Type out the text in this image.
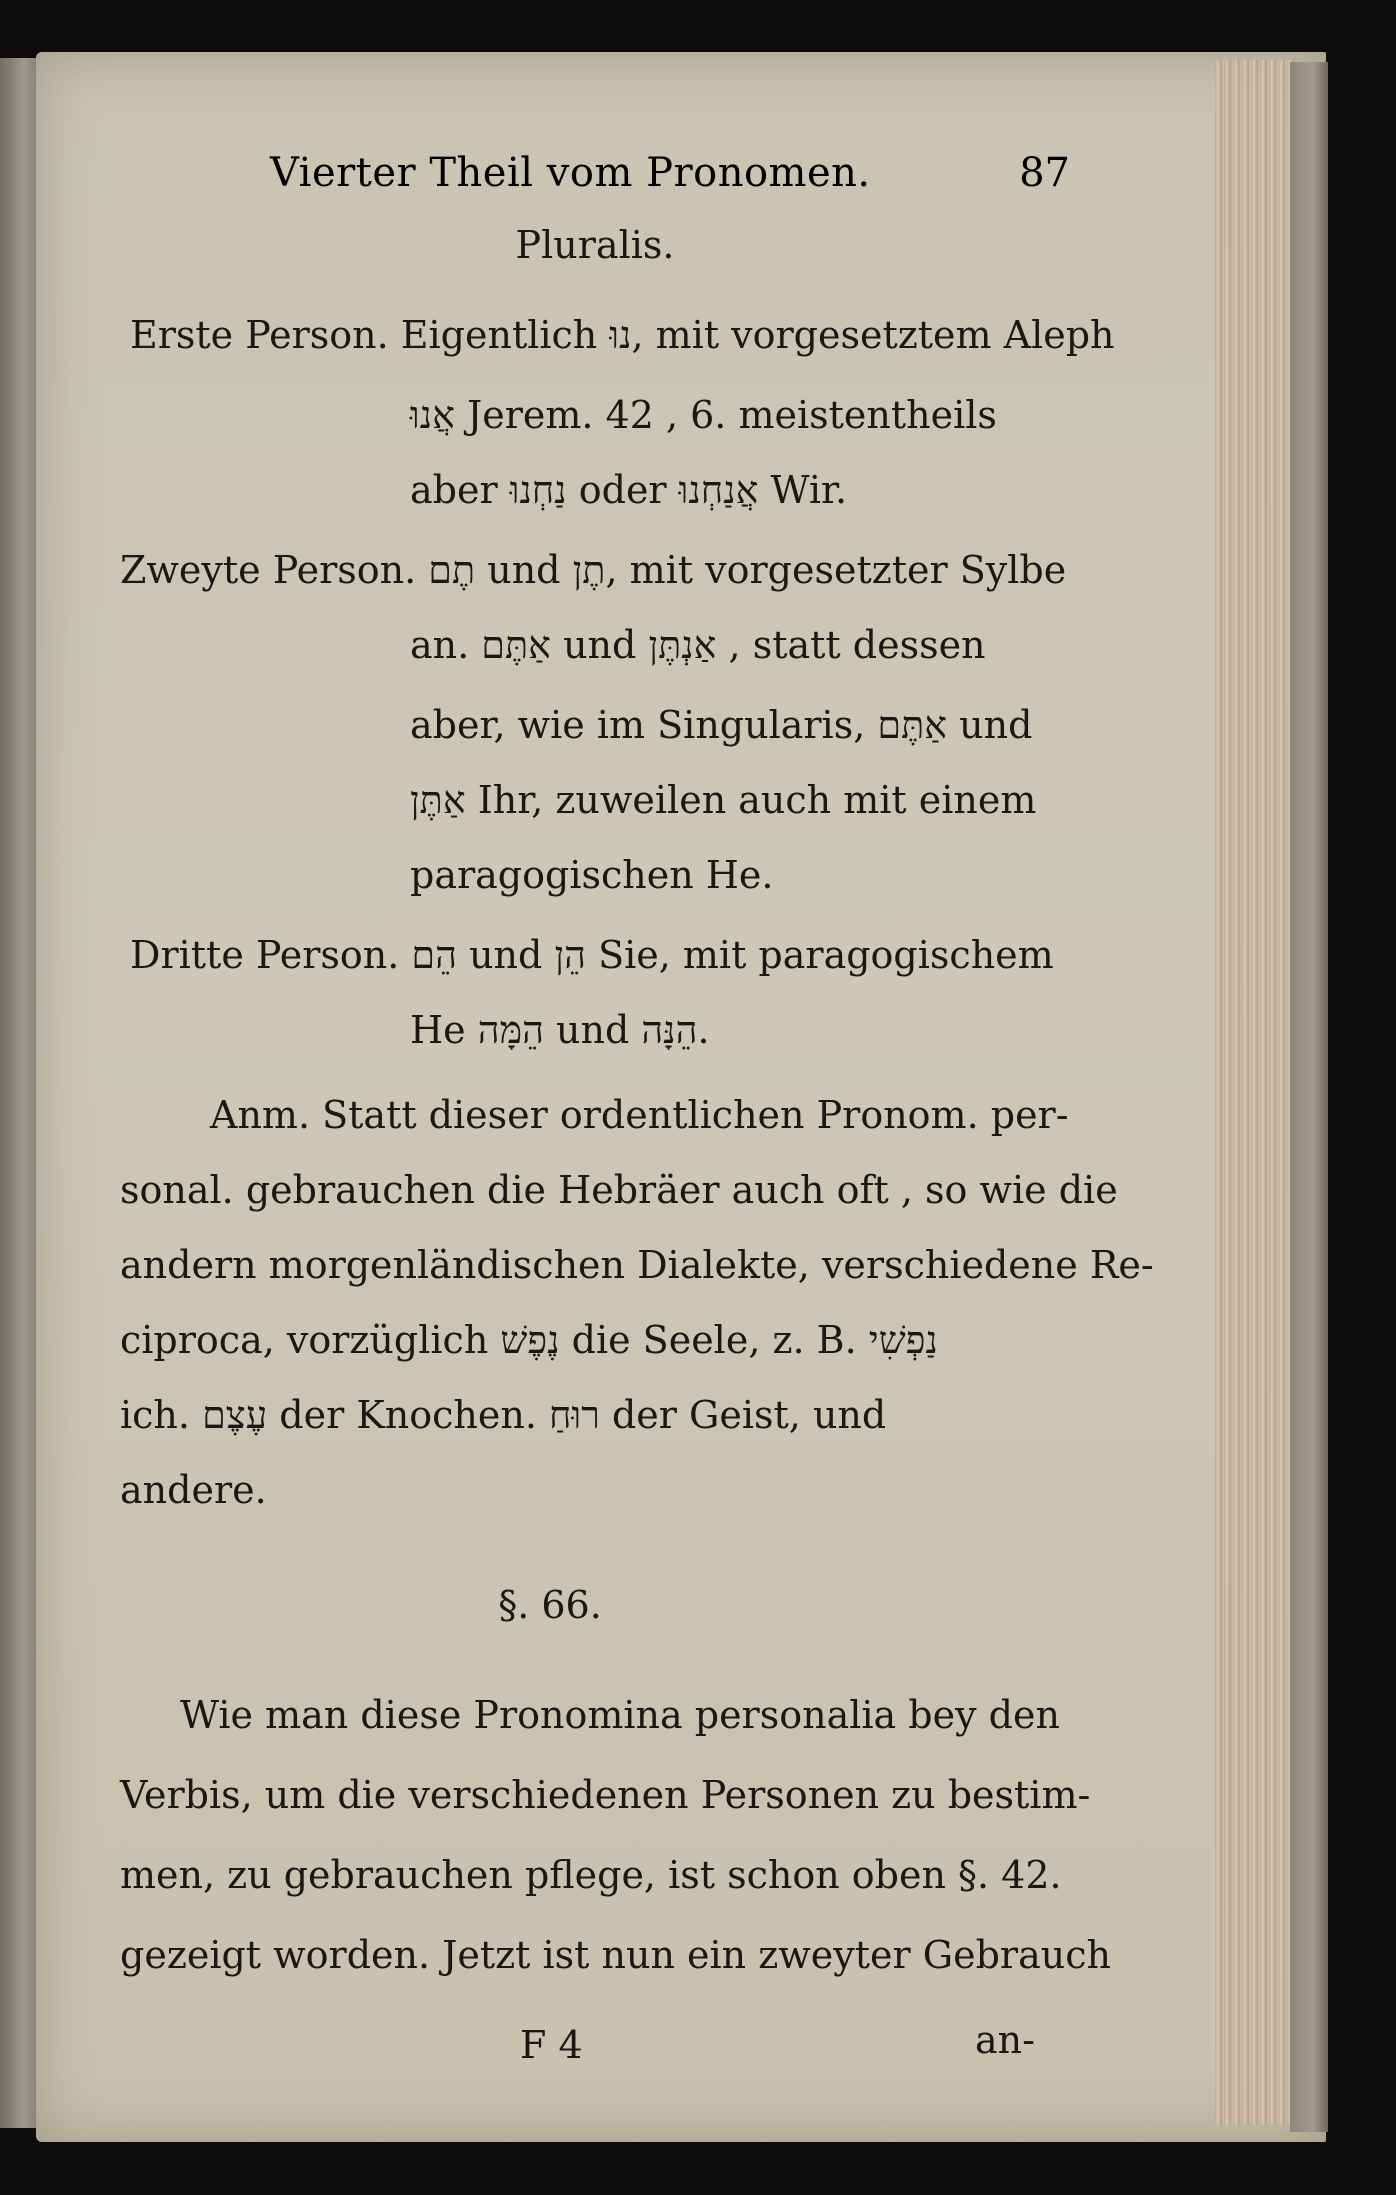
Vierter Theil vom Pronomen.	87
Pluralis.
Erste Person. Eigentlich נוּ, mit vorgesetztem Aleph
אֲנוּ Jerem. 42 , 6. meistentheils
aber נַחְנוּ oder אֲנַחְנוּ Wir.
Zweyte Person. תֶם und תֶן, mit vorgesetzter Sylbe
an. אַתֶּם und אַנְתֶּן , statt dessen
aber, wie im Singularis, אַתֶּם und
אַתֶּן Ihr, zuweilen auch mit einem
paragogischen He.
Dritte Person. הֵם und הֵן Sie, mit paragogischem
He הֵמָּה und הֵנָּה.
Anm. Statt dieser ordentlichen Pronom. per-
sonal. gebrauchen die Hebräer auch oft , so wie die
andern morgenländischen Dialekte, verschiedene Re-
ciproca, vorzüglich נֶפֶשׁ die Seele, z. B. נַפְשִׁי
ich. עֶצֶם der Knochen. רוּחַ der Geist, und
andere.
§. 66.
Wie man diese Pronomina personalia bey den
Verbis, um die verschiedenen Personen zu bestim-
men, zu gebrauchen pflege, ist schon oben §. 42.
gezeigt worden. Jetzt ist nun ein zweyter Gebrauch
F 4	an-
